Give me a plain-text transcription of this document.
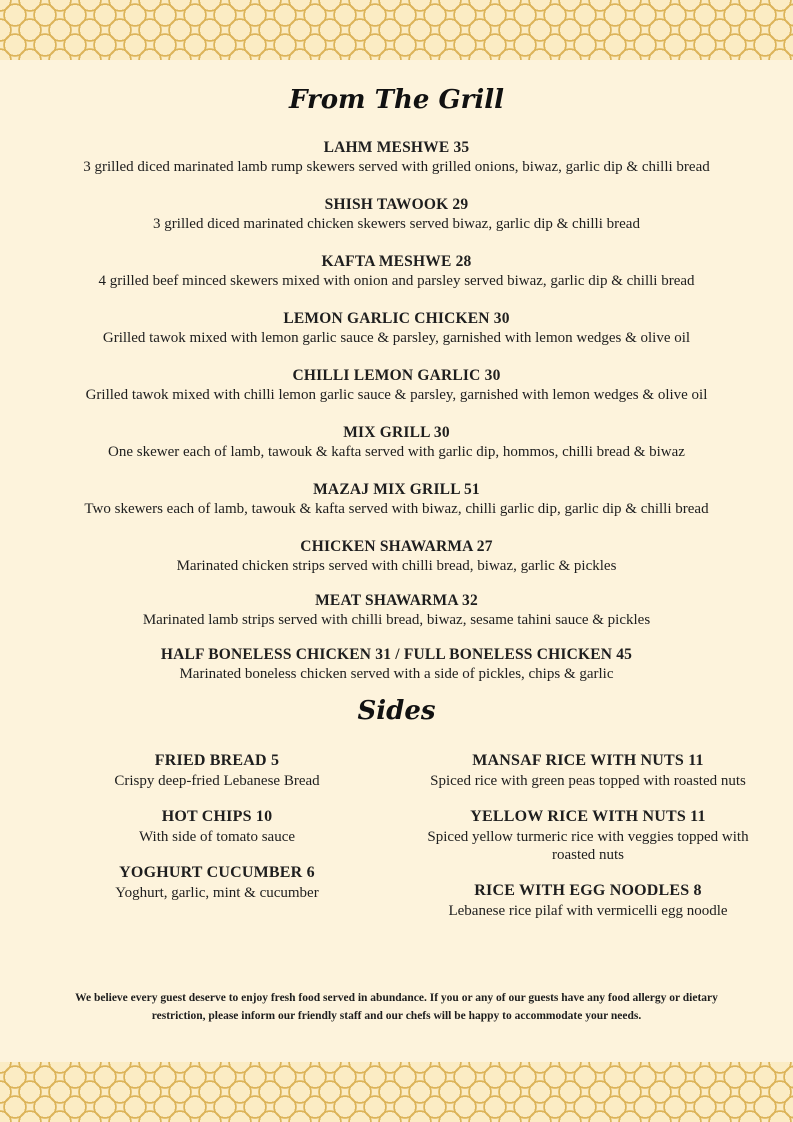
From The Grill
LAHM MESHWE 35
3 grilled diced marinated lamb rump skewers served with grilled onions, biwaz, garlic dip & chilli bread
SHISH TAWOOK 29
3 grilled diced marinated chicken skewers served biwaz, garlic dip & chilli bread
KAFTA MESHWE 28
4 grilled beef minced skewers mixed with onion and parsley served biwaz, garlic dip & chilli bread
LEMON GARLIC CHICKEN 30
Grilled tawok mixed with lemon garlic sauce & parsley, garnished with lemon wedges & olive oil
CHILLI LEMON GARLIC 30
Grilled tawok mixed with chilli lemon garlic sauce & parsley, garnished with lemon wedges & olive oil
MIX GRILL 30
One skewer each of lamb, tawouk & kafta served with garlic dip, hommos, chilli bread & biwaz
MAZAJ MIX GRILL 51
Two skewers each of lamb, tawouk & kafta served with biwaz, chilli garlic dip, garlic dip & chilli bread
CHICKEN SHAWARMA 27
Marinated chicken strips served with chilli bread, biwaz, garlic & pickles
MEAT SHAWARMA 32
Marinated lamb strips served with chilli bread, biwaz, sesame tahini sauce & pickles
HALF BONELESS CHICKEN 31 / FULL BONELESS CHICKEN 45
Marinated boneless chicken served with a side of pickles, chips & garlic
Sides
FRIED BREAD 5
Crispy deep-fried Lebanese Bread
HOT CHIPS 10
With side of tomato sauce
YOGHURT CUCUMBER 6
Yoghurt, garlic, mint & cucumber
MANSAF RICE WITH NUTS 11
Spiced rice with green peas topped with roasted nuts
YELLOW RICE WITH NUTS 11
Spiced yellow turmeric rice with veggies topped with roasted nuts
RICE WITH EGG NOODLES 8
Lebanese rice pilaf with vermicelli egg noodle

We believe every guest deserve to enjoy fresh food served in abundance. If you or any of our guests have any food allergy or dietary restriction, please inform our friendly staff and our chefs will be happy to accommodate your needs.
